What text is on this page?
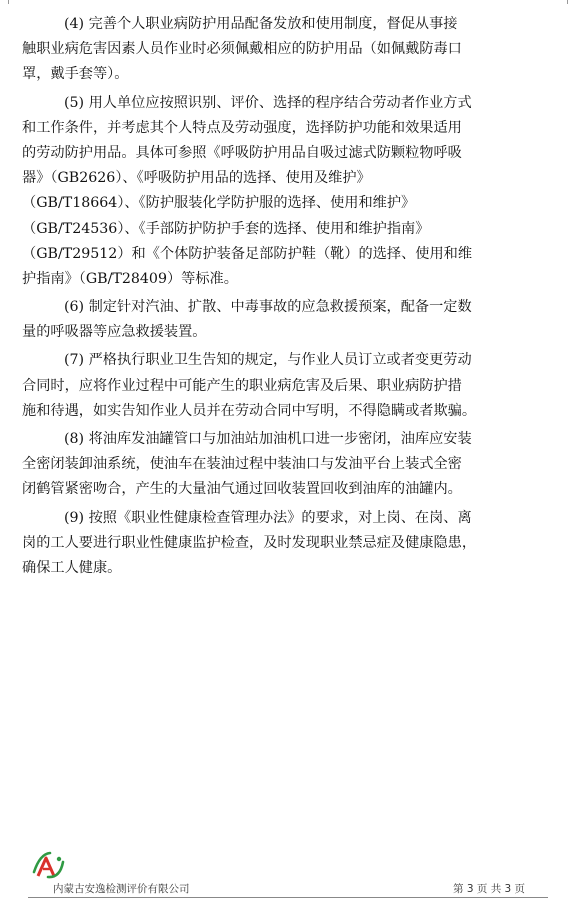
(4) 完善个人职业病防护用品配备发放和使用制度，督促从事接
触职业病危害因素人员作业时必须佩戴相应的防护用品（如佩戴防毒口
罩，戴手套等）。
(5) 用人单位应按照识别、评价、选择的程序结合劳动者作业方式
和工作条件，并考虑其个人特点及劳动强度，选择防护功能和效果适用
的劳动防护用品。具体可参照《呼吸防护用品自吸过滤式防颗粒物呼吸
器》（GB2626）、《呼吸防护用品的选择、使用及维护》
（GB/T18664）、《防护服装化学防护服的选择、使用和维护》
（GB/T24536）、《手部防护防护手套的选择、使用和维护指南》
（GB/T29512）和《个体防护装备足部防护鞋（靴）的选择、使用和维
护指南》（GB/T28409）等标准。
(6) 制定针对汽油、扩散、中毒事故的应急救援预案，配备一定数
量的呼吸器等应急救援装置。
(7) 严格执行职业卫生告知的规定，与作业人员订立或者变更劳动
合同时，应将作业过程中可能产生的职业病危害及后果、职业病防护措
施和待遇，如实告知作业人员并在劳动合同中写明，不得隐瞒或者欺骗。
(8) 将油库发油罐管口与加油站加油机口进一步密闭，油库应安装
全密闭装卸油系统，使油车在装油过程中装油口与发油平台上装式全密
闭鹤管紧密吻合，产生的大量油气通过回收装置回收到油库的油罐内。
(9) 按照《职业性健康检查管理办法》的要求，对上岗、在岗、离
岗的工人要进行职业性健康监护检查，及时发现职业禁忌症及健康隐患，
确保工人健康。
内蒙古安逸检测评价有限公司	第 3 页 共 3 页
